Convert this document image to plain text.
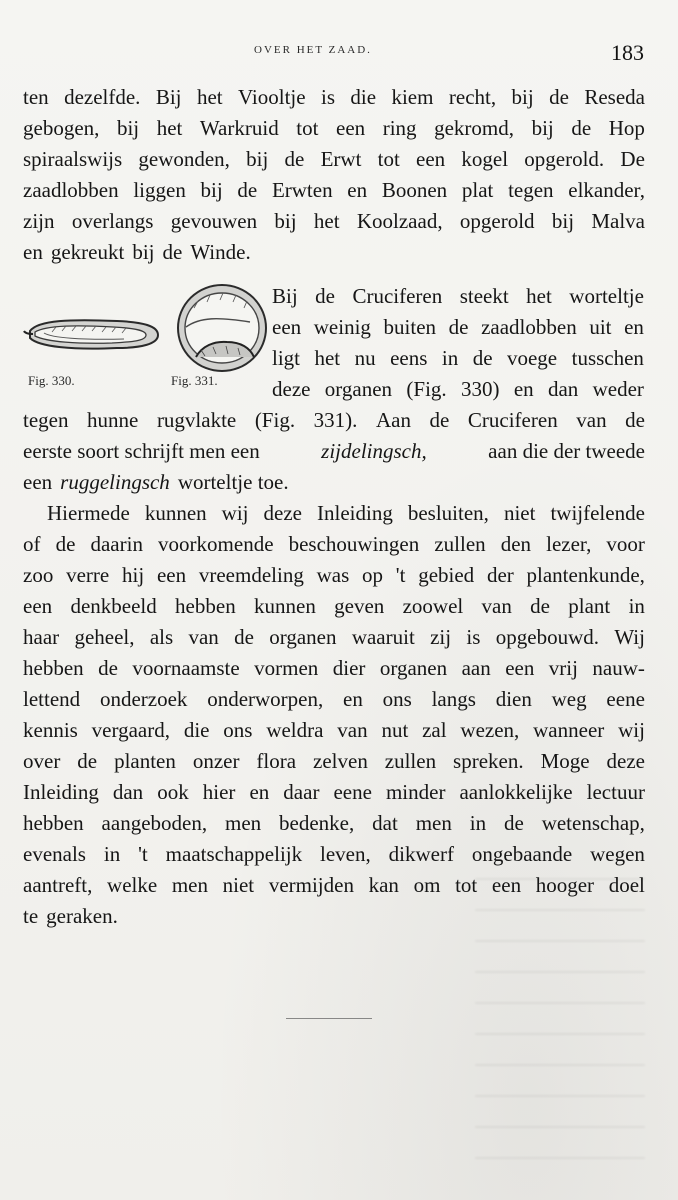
OVER HET ZAAD.	183
ten dezelfde. Bij het Viooltje is die kiem recht, bij de Reseda
gebogen, bij het Warkruid tot een ring gekromd, bij de Hop
spiraalswijs gewonden, bij de Erwt tot een kogel opgerold. De
zaadlobben liggen bij de Erwten en Boonen plat tegen elkander,
zijn overlangs gevouwen bij het Koolzaad, opgerold bij Malva
en gekreukt bij de Winde.
Fig. 330.	Fig. 331.
Bij de Cruciferen steekt het worteltje
een weinig buiten de zaadlobben uit en
ligt het nu eens in de voege tusschen
deze organen (Fig. 330) en dan weder
tegen hunne rugvlakte (Fig. 331). Aan de Cruciferen van de
eerste soort schrijft men een	zijdelingsch,	aan die der tweede
een ruggelingsch worteltje toe.
Hiermede kunnen wij deze Inleiding besluiten, niet twijfelende
of de daarin voorkomende beschouwingen zullen den lezer, voor
zoo verre hij een vreemdeling was op 't gebied der plantenkunde,
een denkbeeld hebben kunnen geven zoowel van de plant in
haar geheel, als van de organen waaruit zij is opgebouwd. Wij
hebben de voornaamste vormen dier organen aan een vrij nauw-
lettend onderzoek onderworpen, en ons langs dien weg eene
kennis vergaard, die ons weldra van nut zal wezen, wanneer wij
over de planten onzer flora zelven zullen spreken. Moge deze
Inleiding dan ook hier en daar eene minder aanlokkelijke lectuur
hebben aangeboden, men bedenke, dat men in de wetenschap,
evenals in 't maatschappelijk leven, dikwerf ongebaande wegen
aantreft, welke men niet vermijden kan om tot een hooger doel
te geraken.
